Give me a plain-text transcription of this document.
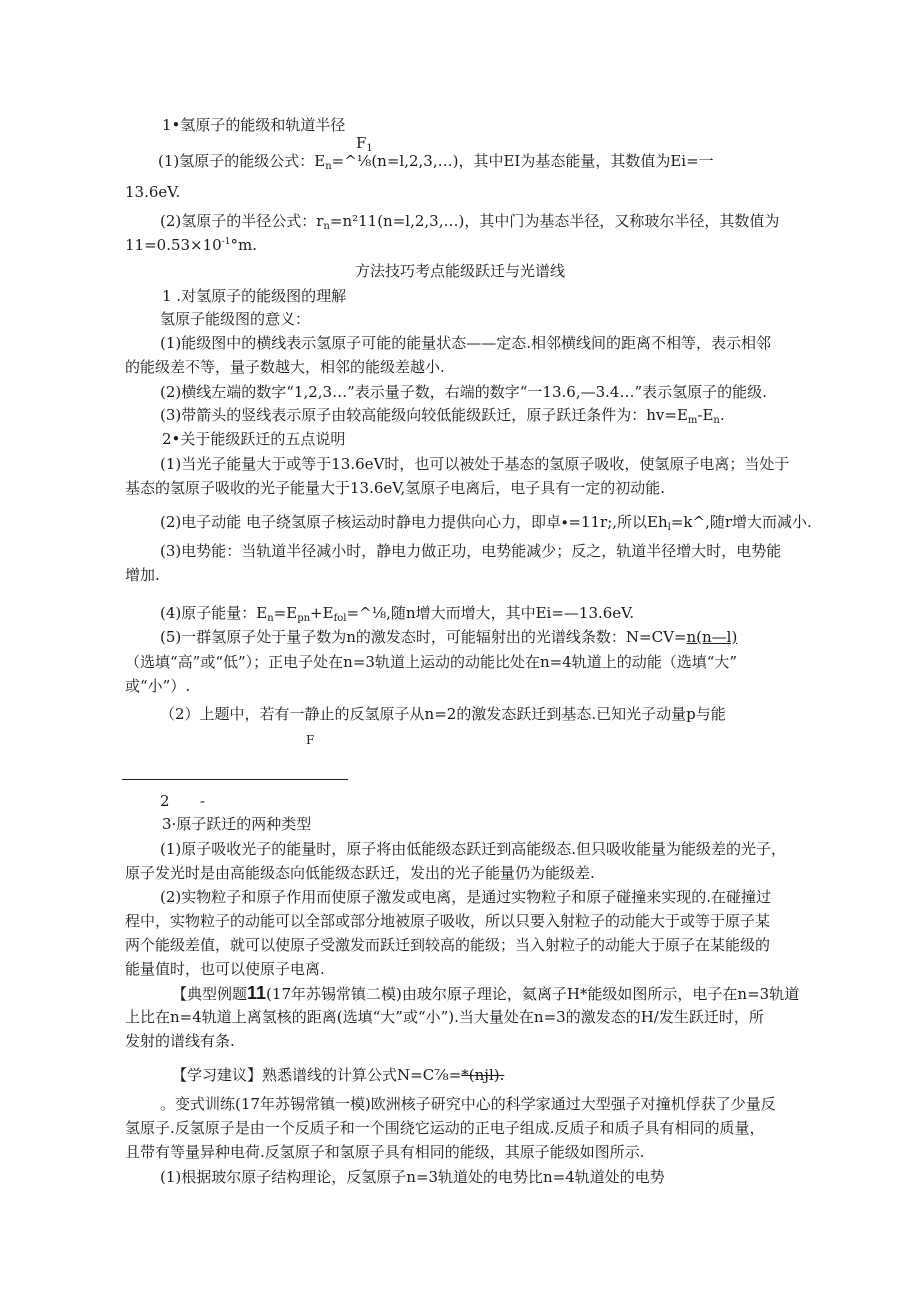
1•氢原子的能级和轨道半径
$F_1$
(1)氢原子的能级公式：$E_n=\^{}\frac{1}{8}(n=l,2,3,\dots)$，其中EI为基态能量，其数值为Ei=一
13.6eV.
(2)氢原子的半径公式：$r_n=n^211(n=l,2,3,\dots)$，其中门为基态半径，又称玻尔半径，其数值为
$11=0.53\times 10^{-1}^\circ m$.
方法技巧考点能级跃迁与光谱线
1 .对氢原子的能级图的理解
氢原子能级图的意义：
(1)能级图中的横线表示氢原子可能的能量状态——定态.相邻横线间的距离不相等，表示相邻
的能级差不等，量子数越大，相邻的能级差越小.
(2)横线左端的数字“1,2,3…”表示量子数，右端的数字“一13.6,—3.4…”表示氢原子的能级.
(3)带箭头的竖线表示原子由较高能级向较低能级跃迁，原子跃迁条件为：$hv=E_m-E_n$.
2•关于能级跃迁的五点说明
(1)当光子能量大于或等于13.6eV时，也可以被处于基态的氢原子吸收，使氢原子电离；当处于
基态的氢原子吸收的光子能量大于13.6eV,氢原子电离后，电子具有一定的初动能.
(2)电子动能 电子绕氢原子核运动时静电力提供向心力，即卓∙=11r;,所以$Eh_l=k\^{}$,随r增大而减小.
(3)电势能：当轨道半径减小时，静电力做正功，电势能减少；反之，轨道半径增大时，电势能
增加.
(4)原子能量：$E_n=E_{pn}+E_{fol}=\^{}\frac{1}{8}$,随n增大而增大，其中Ei=—13.6eV.
(5)一群氢原子处于量子数为n的激发态时，可能辐射出的光谱线条数：N=CV=n(n—l)
（选填“高”或“低”）；正电子处在n=3轨道上运动的动能比处在n=4轨道上的动能（选填“大”
或“小”）.
（2）上题中，若有一静止的反氢原子从n=2的激发态跃迁到基态.已知光子动量p与能
F
2 -
3·原子跃迁的两种类型
(1)原子吸收光子的能量时，原子将由低能级态跃迁到高能级态.但只吸收能量为能级差的光子，
原子发光时是由高能级态向低能级态跃迁，发出的光子能量仍为能级差.
(2)实物粒子和原子作用而使原子激发或电离，是通过实物粒子和原子碰撞来实现的.在碰撞过
程中，实物粒子的动能可以全部或部分地被原子吸收，所以只要入射粒子的动能大于或等于原子某
两个能级差值，就可以使原子受激发而跃迁到较高的能级；当入射粒子的动能大于原子在某能级的
能量值时，也可以使原子电离.
【典型例题11(17年苏锡常镇二模)由玻尔原子理论，氦离子H*能级如图所示，电子在n=3轨道
上比在n=4轨道上离氢核的距离(选填“大”或“小”).当大量处在n=3的激发态的H/发生跃迁时，所
发射的谱线有条.
【学习建议】熟悉谱线的计算公式N=C⅞=*(njl).
。变式训练(17年苏锡常镇一模)欧洲核子研究中心的科学家通过大型强子对撞机俘获了少量反
氢原子.反氢原子是由一个反质子和一个围绕它运动的正电子组成.反质子和质子具有相同的质量，
且带有等量异种电荷.反氢原子和氢原子具有相同的能级，其原子能级如图所示.
(1)根据玻尔原子结构理论，反氢原子n=3轨道处的电势比n=4轨道处的电势
